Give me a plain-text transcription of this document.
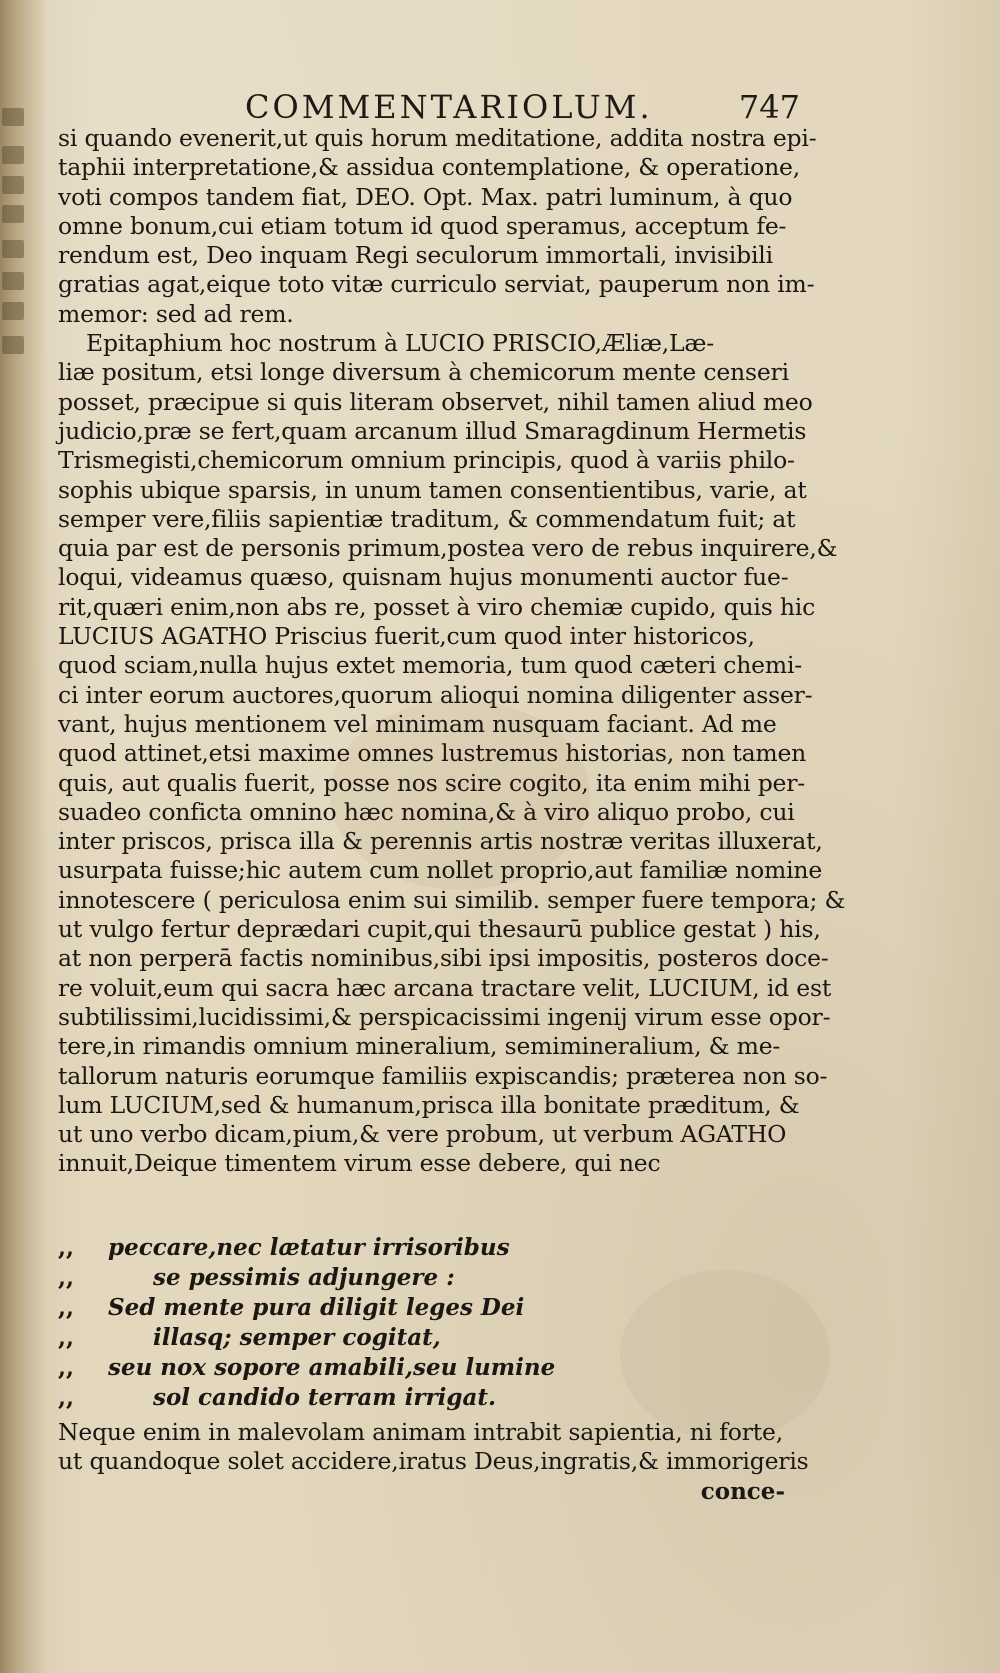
COMMENTARIOLUM.	747
si quando evenerit,ut quis horum meditatione, addita nostra epi-
taphii interpretatione,& assidua contemplatione, & operatione,
voti compos tandem fiat, DEO. Opt. Max. patri luminum, à quo
omne bonum,cui etiam totum id quod speramus, acceptum fe-
rendum est, Deo inquam Regi seculorum immortali, invisibili
gratias agat,eique toto vitæ curriculo serviat, pauperum non im-
memor: sed ad rem.
Epitaphium hoc nostrum à LUCIO PRISCIO,Æliæ,Læ-
liæ positum, etsi longe diversum à chemicorum mente censeri
posset, præcipue si quis literam observet, nihil tamen aliud meo
judicio,præ se fert,quam arcanum illud Smaragdinum Hermetis
Trismegisti,chemicorum omnium principis, quod à variis philo-
sophis ubique sparsis, in unum tamen consentientibus, varie, at
semper vere,filiis sapientiæ traditum, & commendatum fuit; at
quia par est de personis primum,postea vero de rebus inquirere,&
loqui, videamus quæso, quisnam hujus monumenti auctor fue-
rit,quæri enim,non abs re, posset à viro chemiæ cupido, quis hic
LUCIUS AGATHO Priscius fuerit,cum quod inter historicos,
quod sciam,nulla hujus extet memoria, tum quod cæteri chemi-
ci inter eorum auctores,quorum alioqui nomina diligenter asser-
vant, hujus mentionem vel minimam nusquam faciant. Ad me
quod attinet,etsi maxime omnes lustremus historias, non tamen
quis, aut qualis fuerit, posse nos scire cogito, ita enim mihi per-
suadeo conficta omnino hæc nomina,& à viro aliquo probo, cui
inter priscos, prisca illa & perennis artis nostræ veritas illuxerat,
usurpata fuisse;hic autem cum nollet proprio,aut familiæ nomine
innotescere ( periculosa enim sui similib. semper fuere tempora; &
ut vulgo fertur deprædari cupit,qui thesaurū publice gestat ) his,
at non perperā factis nominibus,sibi ipsi impositis, posteros doce-
re voluit,eum qui sacra hæc arcana tractare velit, LUCIUM, id est
subtilissimi,lucidissimi,& perspicacissimi ingenij virum esse opor-
tere,in rimandis omnium mineralium, semimineralium, & me-
tallorum naturis eorumque familiis expiscandis; præterea non so-
lum LUCIUM,sed & humanum,prisca illa bonitate præditum, &
ut uno verbo dicam,pium,& vere probum, ut verbum AGATHO
innuit,Deique timentem virum esse debere, qui nec
,, peccare,nec lætatur irrisoribus
,,	se pessimis adjungere :
,, Sed mente pura diligit leges Dei
,,	illasq; semper cogitat,
,, seu nox sopore amabili,seu lumine
,,	sol candido terram irrigat.
Neque enim in malevolam animam intrabit sapientia, ni forte,
ut quandoque solet accidere,iratus Deus,ingratis,& immorigeris
conce-
